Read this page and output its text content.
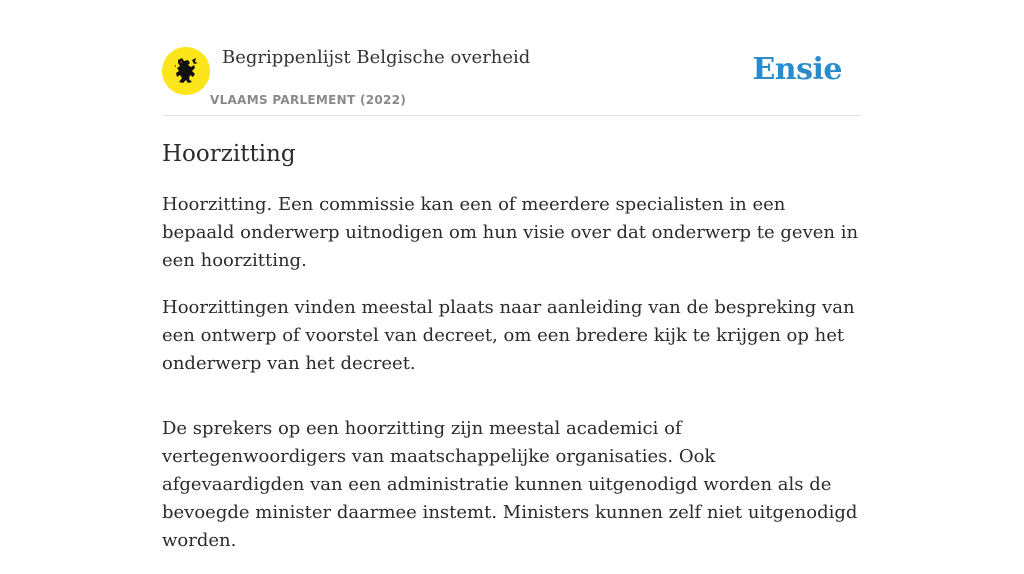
Begrippenlijst Belgische overheid
VLAAMS PARLEMENT (2022)
Ensie
Hoorzitting

Hoorzitting. Een commissie kan een of meerdere specialisten in een bepaald onderwerp uitnodigen om hun visie over dat onderwerp te geven in een hoorzitting.

Hoorzittingen vinden meestal plaats naar aanleiding van de bespreking van een ontwerp of voorstel van decreet, om een bredere kijk te krijgen op het onderwerp van het decreet.

De sprekers op een hoorzitting zijn meestal academici of vertegenwoordigers van maatschappelijke organisaties. Ook afgevaardigden van een administratie kunnen uitgenodigd worden als de bevoegde minister daarmee instemt. Ministers kunnen zelf niet uitgenodigd worden.
